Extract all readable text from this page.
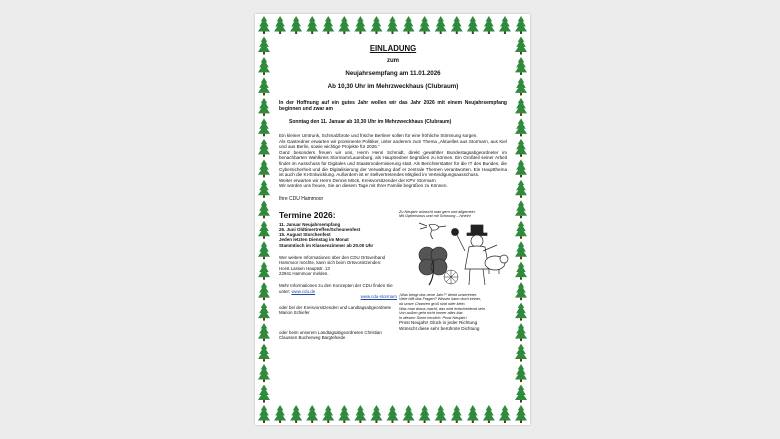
EINLADUNG
zum
Neujahrsempfang am 11.01.2026
Ab 10,30 Uhr im Mehrzweckhaus (Clubraum)
In der Hoffnung auf ein gutes Jahr wollen wir das Jahr 2026 mit einem Neujahrsempfang beginnen und zwar am
Sonntag den 11. Januar ab 10,30 Uhr im Mehrzweckhaus (Clubraum)

Ein kleiner Umtrunk, Schmalzbrote und frische Berliner sollen für eine fröhliche Stimmung sorgen.

Als Gastredner erwarten wir prominente Politiker, unter anderem zum Thema „Aktuelles aus Stormarn, aus Kiel und aus Berlin, sowie wichtige Projekte für 2026.“

Ganz besonders freuen wir uns, Herrn Henri Schmidt, direkt gewählter Bundestagsabgeordneter im benachbarten Wahlkreis Stormarn/Lauenburg, als Hauptredner begrüßen zu können. Ein Großteil seiner Arbeit findet im Ausschuss für Digitales und Staatsmodernisierung statt. Als Berichterstatter für die IT des Bundes, die Cybersicherheit und die Digitalisierung der Verwaltung darf er zentrale Themen verantworten. Ein Hauptthema ist auch die KI-Entwicklung. Außerdem ist er stellvertretendes Mitglied im Verteidigungsausschuss.

Weiter erwarten wir Herrn Dennis Möck, Kreisvorsitzender der KPV Stormarn

Wir würden uns freuen, Sie an diesem Tage mit Ihrer Familie begrüßen zu Können.

Ihre CDU Hammoor
Termine 2026:
11. Januar Neujahrsempfang
26. Juni Oldtimertreffen/Scheunenfest
15. August Storchenfest
Jeden letzten Dienstag im Monat
Stammtisch im Klassenzimmer ab 20.00 Uhr
Wer weitere Informationen über den CDU Ortsverband Hammoor möchte, kann sich beim Ortsvorsitzenden:
Horst Lassen Hauptstr. 13
22941 Hammoor melden.
Mehr Informationen zu den Konzepten der CDU finden Sie unter: www.cdu.de
www.cdu-stormarn
oder bei der Kreisvorsitzenden und Landtagsabgeordnete Marion Schiefer
oder beim unserem Landtagsabgeordneten Christian Claussen Bucherweg Bargteheide
Zu Neujahr wünscht man gern und allgemein:
Mit Optimismus und mit Schwung – hinein!
„Was bringt das neue Jahr?“ denkt unsereiner.
Viele hilft das Fragen? Wissen kann doch keiner,
ob unsre Chancen groß sind oder klein.
Was man draus macht, das wird entscheidend sein.
Von außen geht nicht immer alles klar.
In diesem Sinne herzlich: Prost Neujahr!
Prost Neujahr! Glück in jeder Richtung
Wünscht diese sehr berühmte Dichtung
